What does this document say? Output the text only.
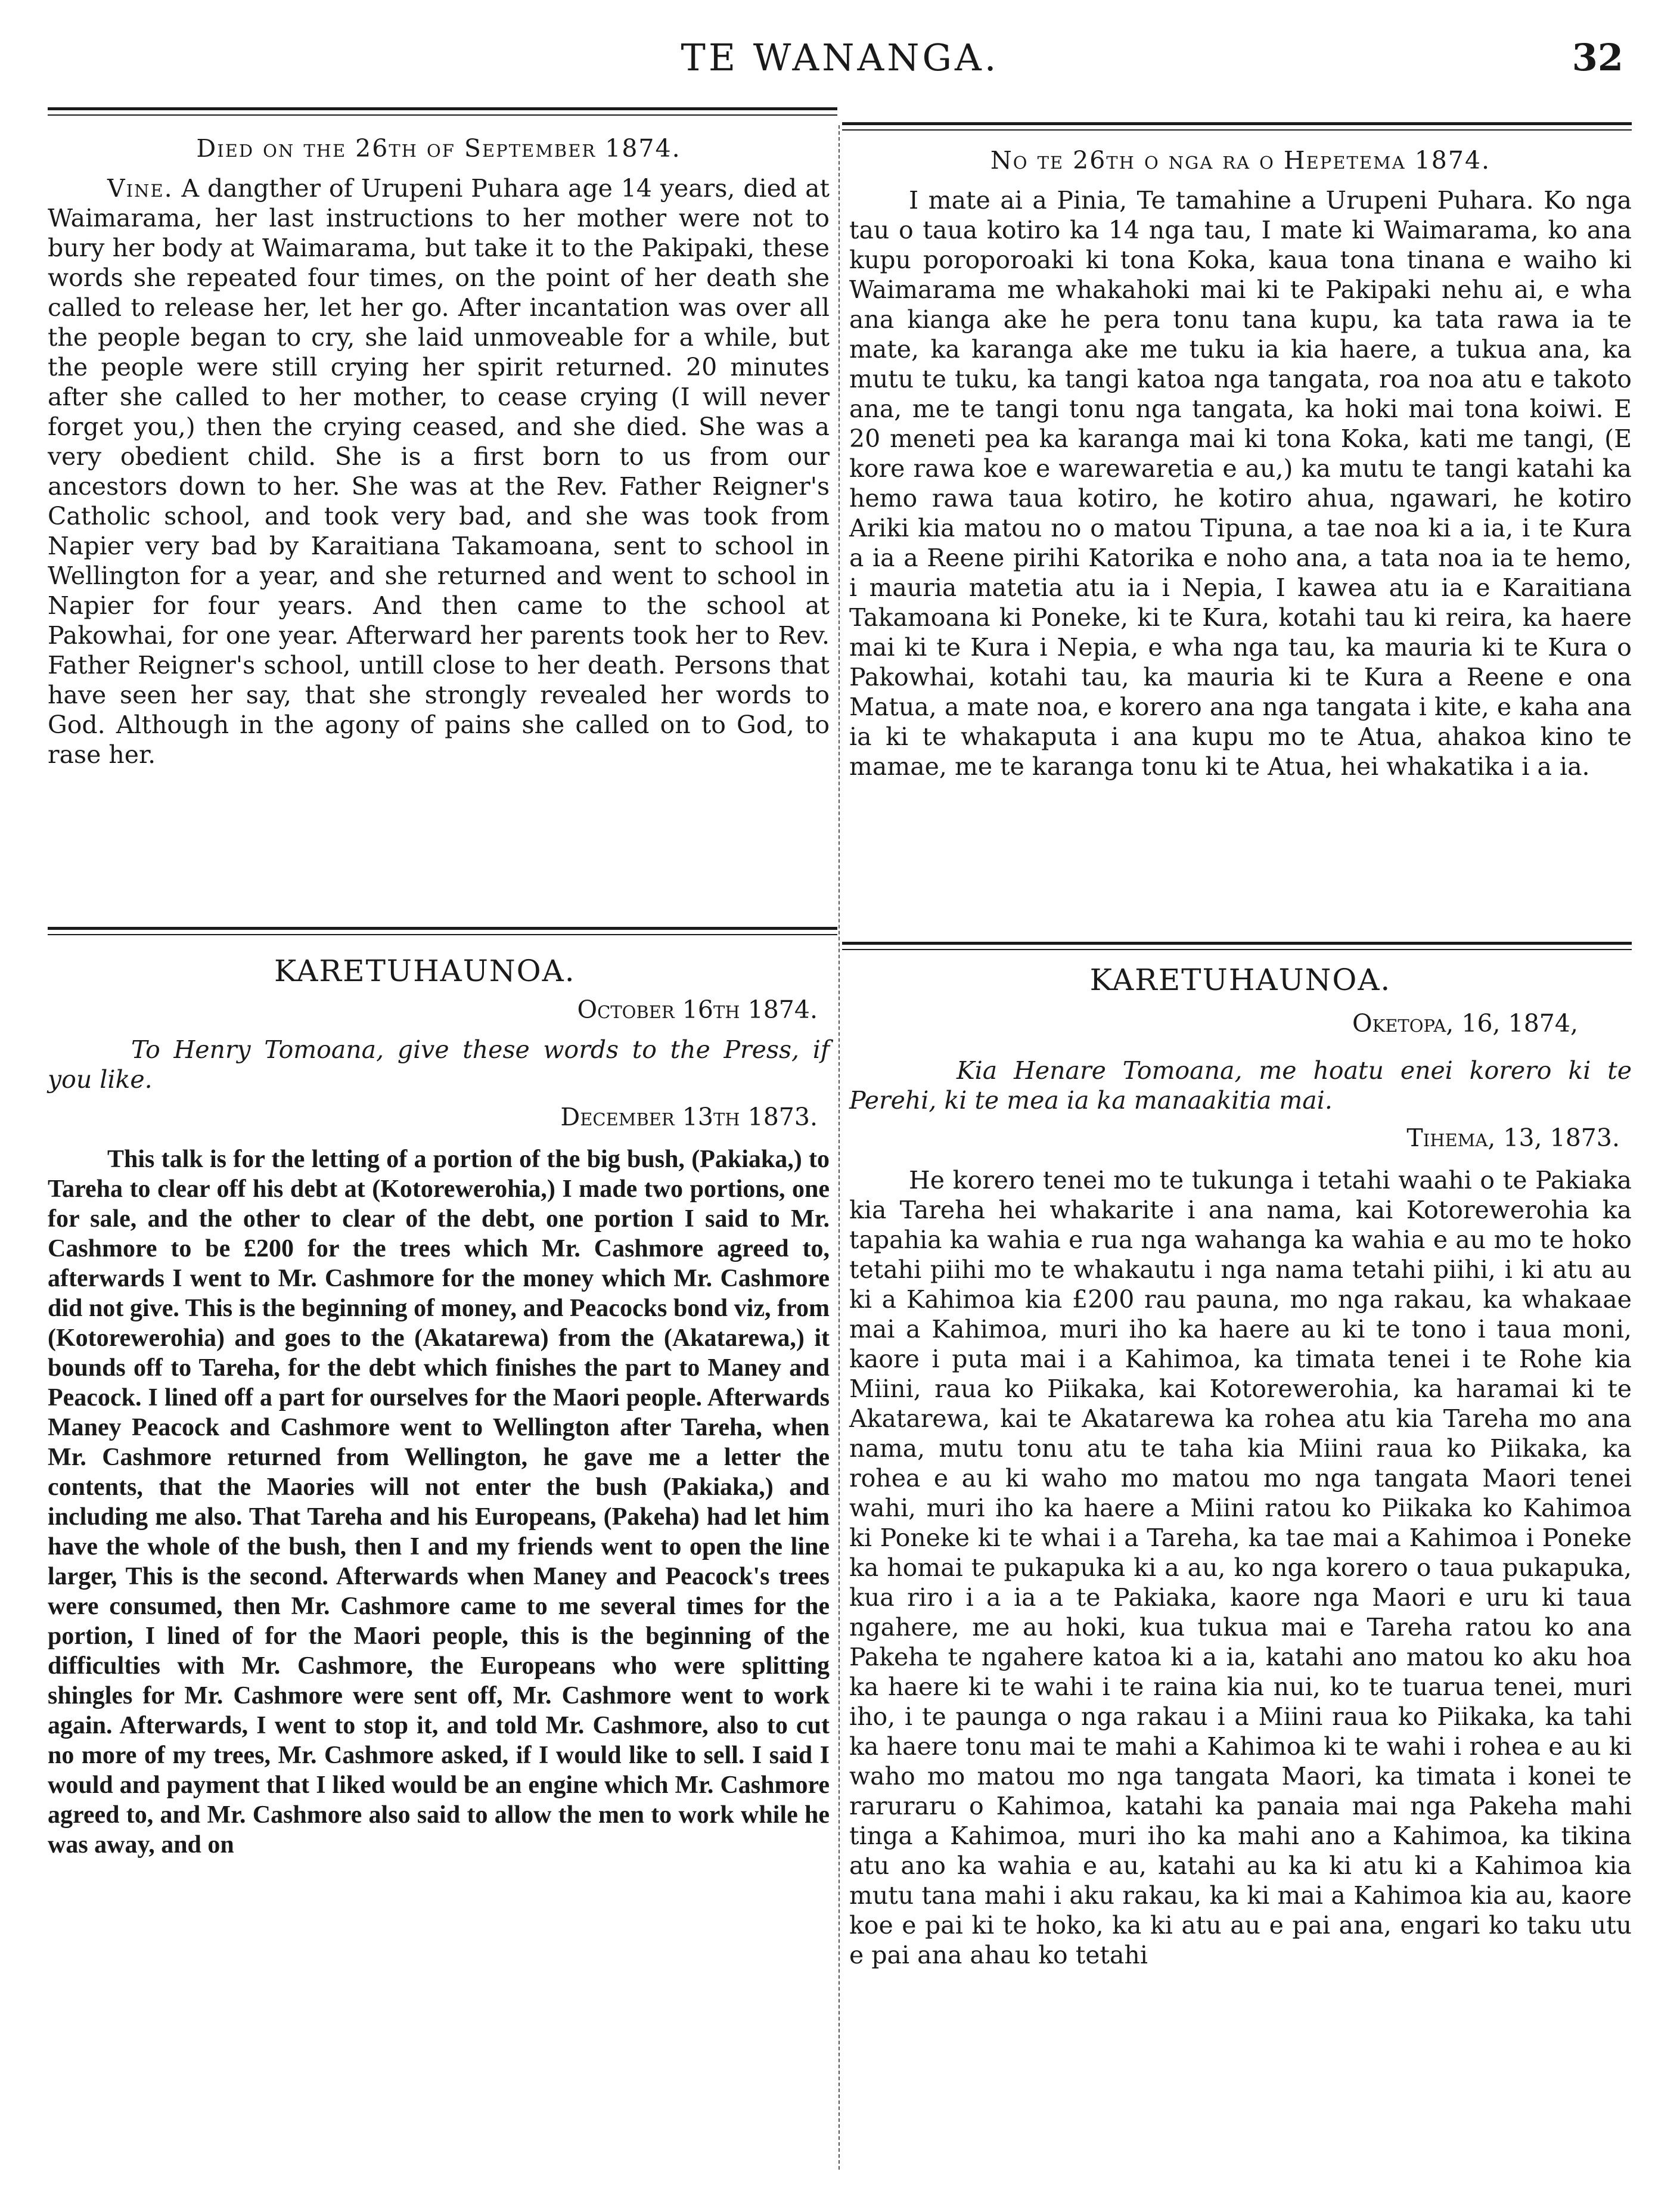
TE WANANGA.	32

Died on the 26th of September 1874.

Vine. A dangther of Urupeni Puhara age 14 years, died at Waimarama, her last instructions to her mother were not to bury her body at Waimarama, but take it to the Pakipaki, these words she repeated four times, on the point of her death she called to release her, let her go. After incantation was over all the people began to cry, she laid unmoveable for a while, but the people were still crying her spirit returned. 20 minutes after she called to her mother, to cease crying (I will never forget you,) then the crying ceased, and she died. She was a very obedient child. She is a first born to us from our ancestors down to her. She was at the Rev. Father Reigner's Catholic school, and took very bad, and she was took from Napier very bad by Karaitiana Takamoana, sent to school in Wellington for a year, and she returned and went to school in Napier for four years. And then came to the school at Pakowhai, for one year. Afterward her parents took her to Rev. Father Reigner's school, untill close to her death. Persons that have seen her say, that she strongly revealed her words to God. Although in the agony of pains she called on to God, to rase her.

No te 26th o nga ra o Hepetema 1874.

I mate ai a Pinia, Te tamahine a Urupeni Puhara. Ko nga tau o taua kotiro ka 14 nga tau, I mate ki Waimarama, ko ana kupu poroporoaki ki tona Koka, kaua tona tinana e waiho ki Waimarama me whakahoki mai ki te Pakipaki nehu ai, e wha ana kianga ake he pera tonu tana kupu, ka tata rawa ia te mate, ka karanga ake me tuku ia kia haere, a tukua ana, ka mutu te tuku, ka tangi katoa nga tangata, roa noa atu e takoto ana, me te tangi tonu nga tangata, ka hoki mai tona koiwi. E 20 meneti pea ka karanga mai ki tona Koka, kati me tangi, (E kore rawa koe e warewaretia e au,) ka mutu te tangi katahi ka hemo rawa taua kotiro, he kotiro ahua, ngawari, he kotiro Ariki kia matou no o matou Tipuna, a tae noa ki a ia, i te Kura a ia a Reene pirihi Katorika e noho ana, a tata noa ia te hemo, i mauria matetia atu ia i Nepia, I kawea atu ia e Karaitiana Takamoana ki Poneke, ki te Kura, kotahi tau ki reira, ka haere mai ki te Kura i Nepia, e wha nga tau, ka mauria ki te Kura o Pakowhai, kotahi tau, ka mauria ki te Kura a Reene e ona Matua, a mate noa, e korero ana nga tangata i kite, e kaha ana ia ki te whakaputa i ana kupu mo te Atua, ahakoa kino te mamae, me te karanga tonu ki te Atua, hei whakatika i a ia.

KARETUHAUNOA.

October 16th 1874.

To Henry Tomoana, give these words to the Press, if you like.

December 13th 1873.

This talk is for the letting of a portion of the big bush, (Pakiaka,) to Tareha to clear off his debt at (Kotorewerohia,) I made two portions, one for sale, and the other to clear of the debt, one portion I said to Mr. Cashmore to be £200 for the trees which Mr. Cashmore agreed to, afterwards I went to Mr. Cashmore for the money which Mr. Cashmore did not give. This is the beginning of money, and Peacocks bond viz, from (Kotorewerohia) and goes to the (Akatarewa) from the (Akatarewa,) it bounds off to Tareha, for the debt which finishes the part to Maney and Peacock. I lined off a part for ourselves for the Maori people. Afterwards Maney Peacock and Cashmore went to Wellington after Tareha, when Mr. Cashmore returned from Wellington, he gave me a letter the contents, that the Maories will not enter the bush (Pakiaka,) and including me also. That Tareha and his Europeans, (Pakeha) had let him have the whole of the bush, then I and my friends went to open the line larger, This is the second. Afterwards when Maney and Peacock's trees were consumed, then Mr. Cashmore came to me several times for the portion, I lined of for the Maori people, this is the beginning of the difficulties with Mr. Cashmore, the Europeans who were splitting shingles for Mr. Cashmore were sent off, Mr. Cashmore went to work again. Afterwards, I went to stop it, and told Mr. Cashmore, also to cut no more of my trees, Mr. Cashmore asked, if I would like to sell. I said I would and payment that I liked would be an engine which Mr. Cashmore agreed to, and Mr. Cashmore also said to allow the men to work while he was away, and on

KARETUHAUNOA.

Oketopa, 16, 1874,

Kia Henare Tomoana, me hoatu enei korero ki te Perehi, ki te mea ia ka manaakitia mai.

Tihema, 13, 1873.

He korero tenei mo te tukunga i tetahi waahi o te Pakiaka kia Tareha hei whakarite i ana nama, kai Kotorewerohia ka tapahia ka wahia e rua nga wahanga ka wahia e au mo te hoko tetahi piihi mo te whakautu i nga nama tetahi piihi, i ki atu au ki a Kahimoa kia £200 rau pauna, mo nga rakau, ka whakaae mai a Kahimoa, muri iho ka haere au ki te tono i taua moni, kaore i puta mai i a Kahimoa, ka timata tenei i te Rohe kia Miini, raua ko Piikaka, kai Kotorewerohia, ka haramai ki te Akatarewa, kai te Akatarewa ka rohea atu kia Tareha mo ana nama, mutu tonu atu te taha kia Miini raua ko Piikaka, ka rohea e au ki waho mo matou mo nga tangata Maori tenei wahi, muri iho ka haere a Miini ratou ko Piikaka ko Kahimoa ki Poneke ki te whai i a Tareha, ka tae mai a Kahimoa i Poneke ka homai te pukapuka ki a au, ko nga korero o taua pukapuka, kua riro i a ia a te Pakiaka, kaore nga Maori e uru ki taua ngahere, me au hoki, kua tukua mai e Tareha ratou ko ana Pakeha te ngahere katoa ki a ia, katahi ano matou ko aku hoa ka haere ki te wahi i te raina kia nui, ko te tuarua tenei, muri iho, i te paunga o nga rakau i a Miini raua ko Piikaka, ka tahi ka haere tonu mai te mahi a Kahimoa ki te wahi i rohea e au ki waho mo matou mo nga tangata Maori, ka timata i konei te raruraru o Kahimoa, katahi ka panaia mai nga Pakeha mahi tinga a Kahimoa, muri iho ka mahi ano a Kahimoa, ka tikina atu ano ka wahia e au, katahi au ka ki atu ki a Kahimoa kia mutu tana mahi i aku rakau, ka ki mai a Kahimoa kia au, kaore koe e pai ki te hoko, ka ki atu au e pai ana, engari ko taku utu e pai ana ahau ko tetahi
